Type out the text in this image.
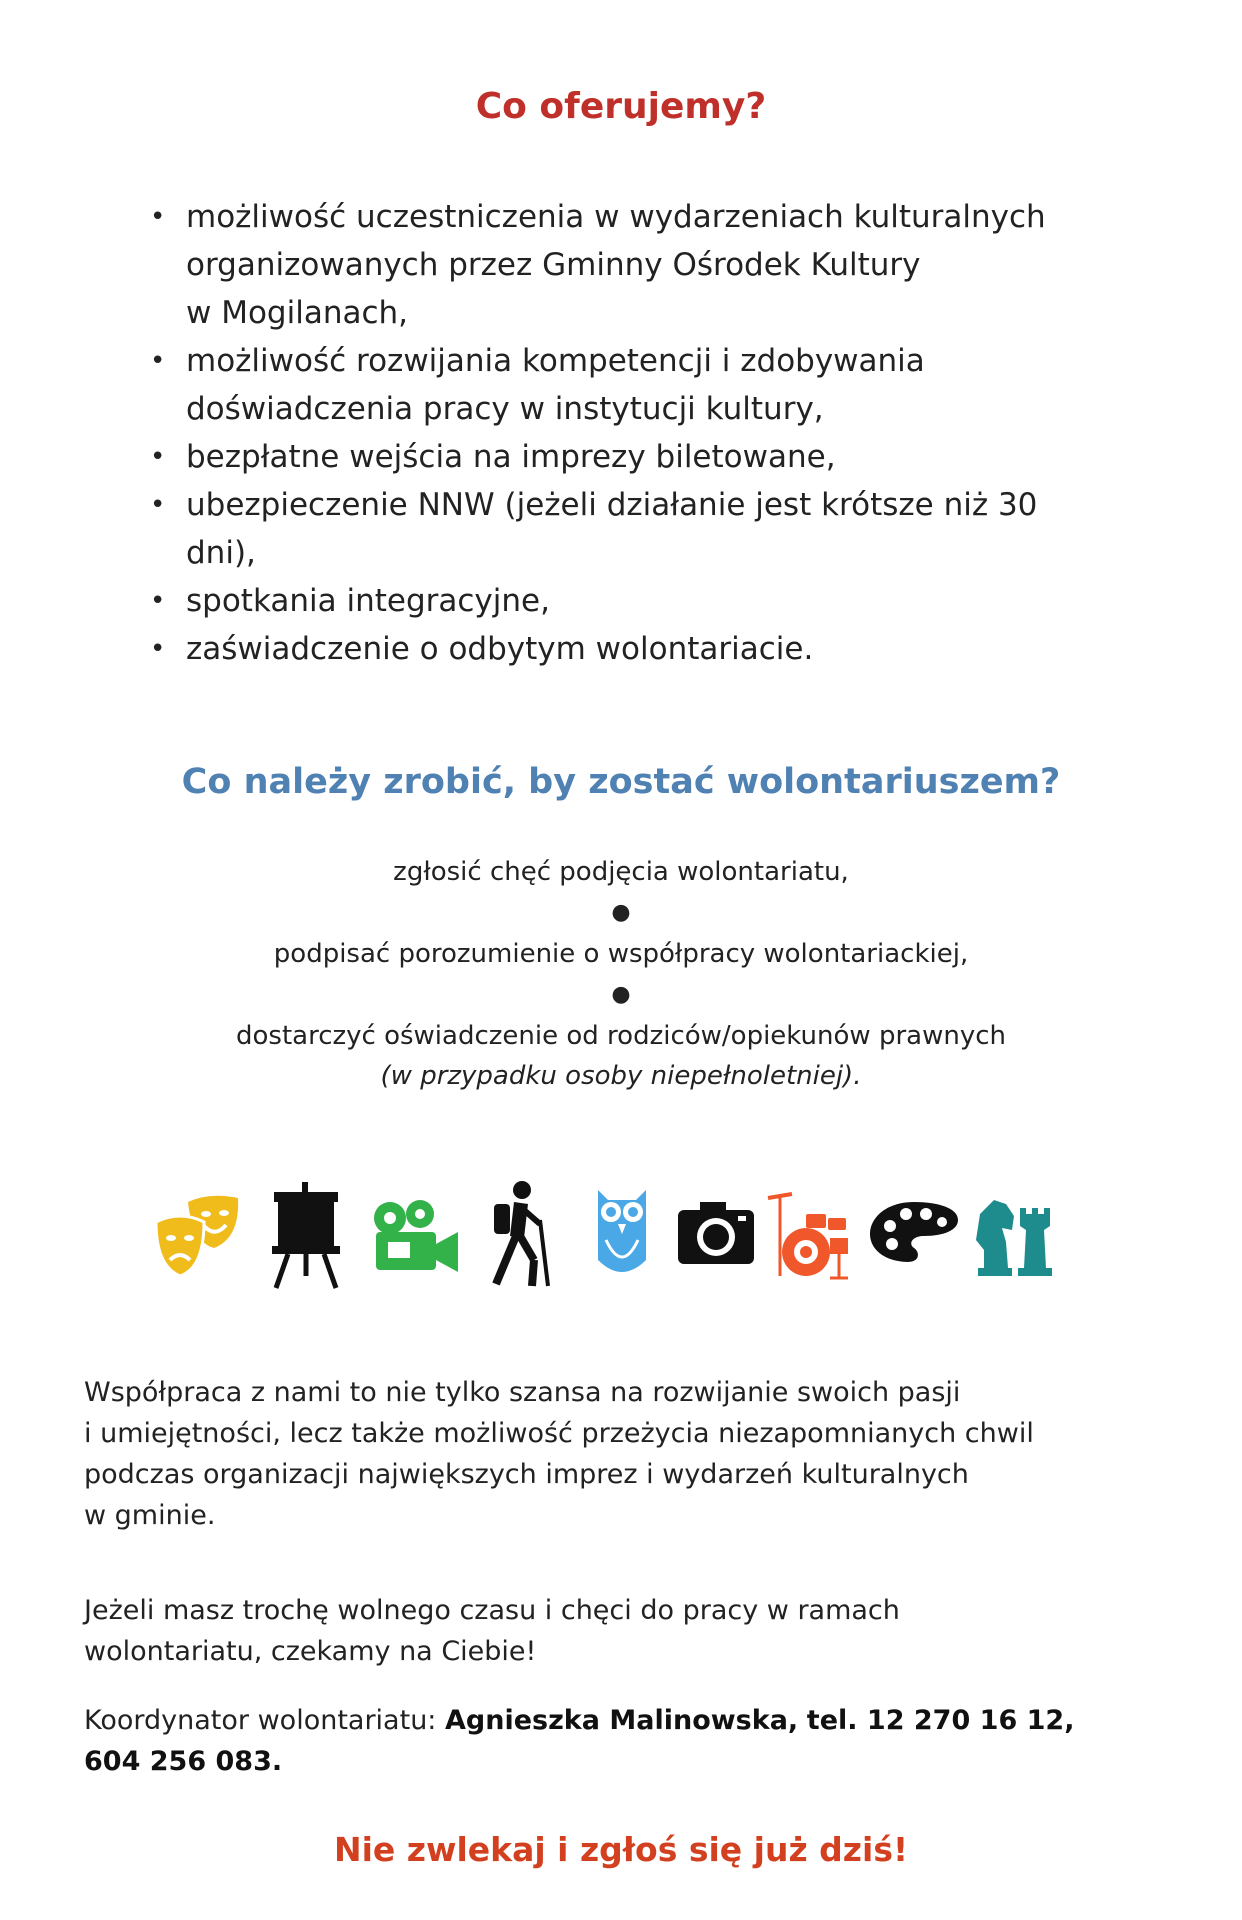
Co oferujemy?
• możliwość uczestniczenia w wydarzeniach kulturalnych
organizowanych przez Gminny Ośrodek Kultury
w Mogilanach,
• możliwość rozwijania kompetencji i zdobywania
doświadczenia pracy w instytucji kultury,
• bezpłatne wejścia na imprezy biletowane,
• ubezpieczenie NNW (jeżeli działanie jest krótsze niż 30
dni),
• spotkania integracyjne,
• zaświadczenie o odbytym wolontariacie.
Co należy zrobić, by zostać wolontariuszem?
zgłosić chęć podjęcia wolontariatu,
●
podpisać porozumienie o współpracy wolontariackiej,
●
dostarczyć oświadczenie od rodziców/opiekunów prawnych
(w przypadku osoby niepełnoletniej).

Współpraca z nami to nie tylko szansa na rozwijanie swoich pasji
i umiejętności, lecz także możliwość przeżycia niezapomnianych chwil
podczas organizacji największych imprez i wydarzeń kulturalnych
w gminie.

Jeżeli masz trochę wolnego czasu i chęci do pracy w ramach
wolontariatu, czekamy na Ciebie!

Koordynator wolontariatu: Agnieszka Malinowska, tel. 12 270 16 12,
604 256 083.

Nie zwlekaj i zgłoś się już dziś!
